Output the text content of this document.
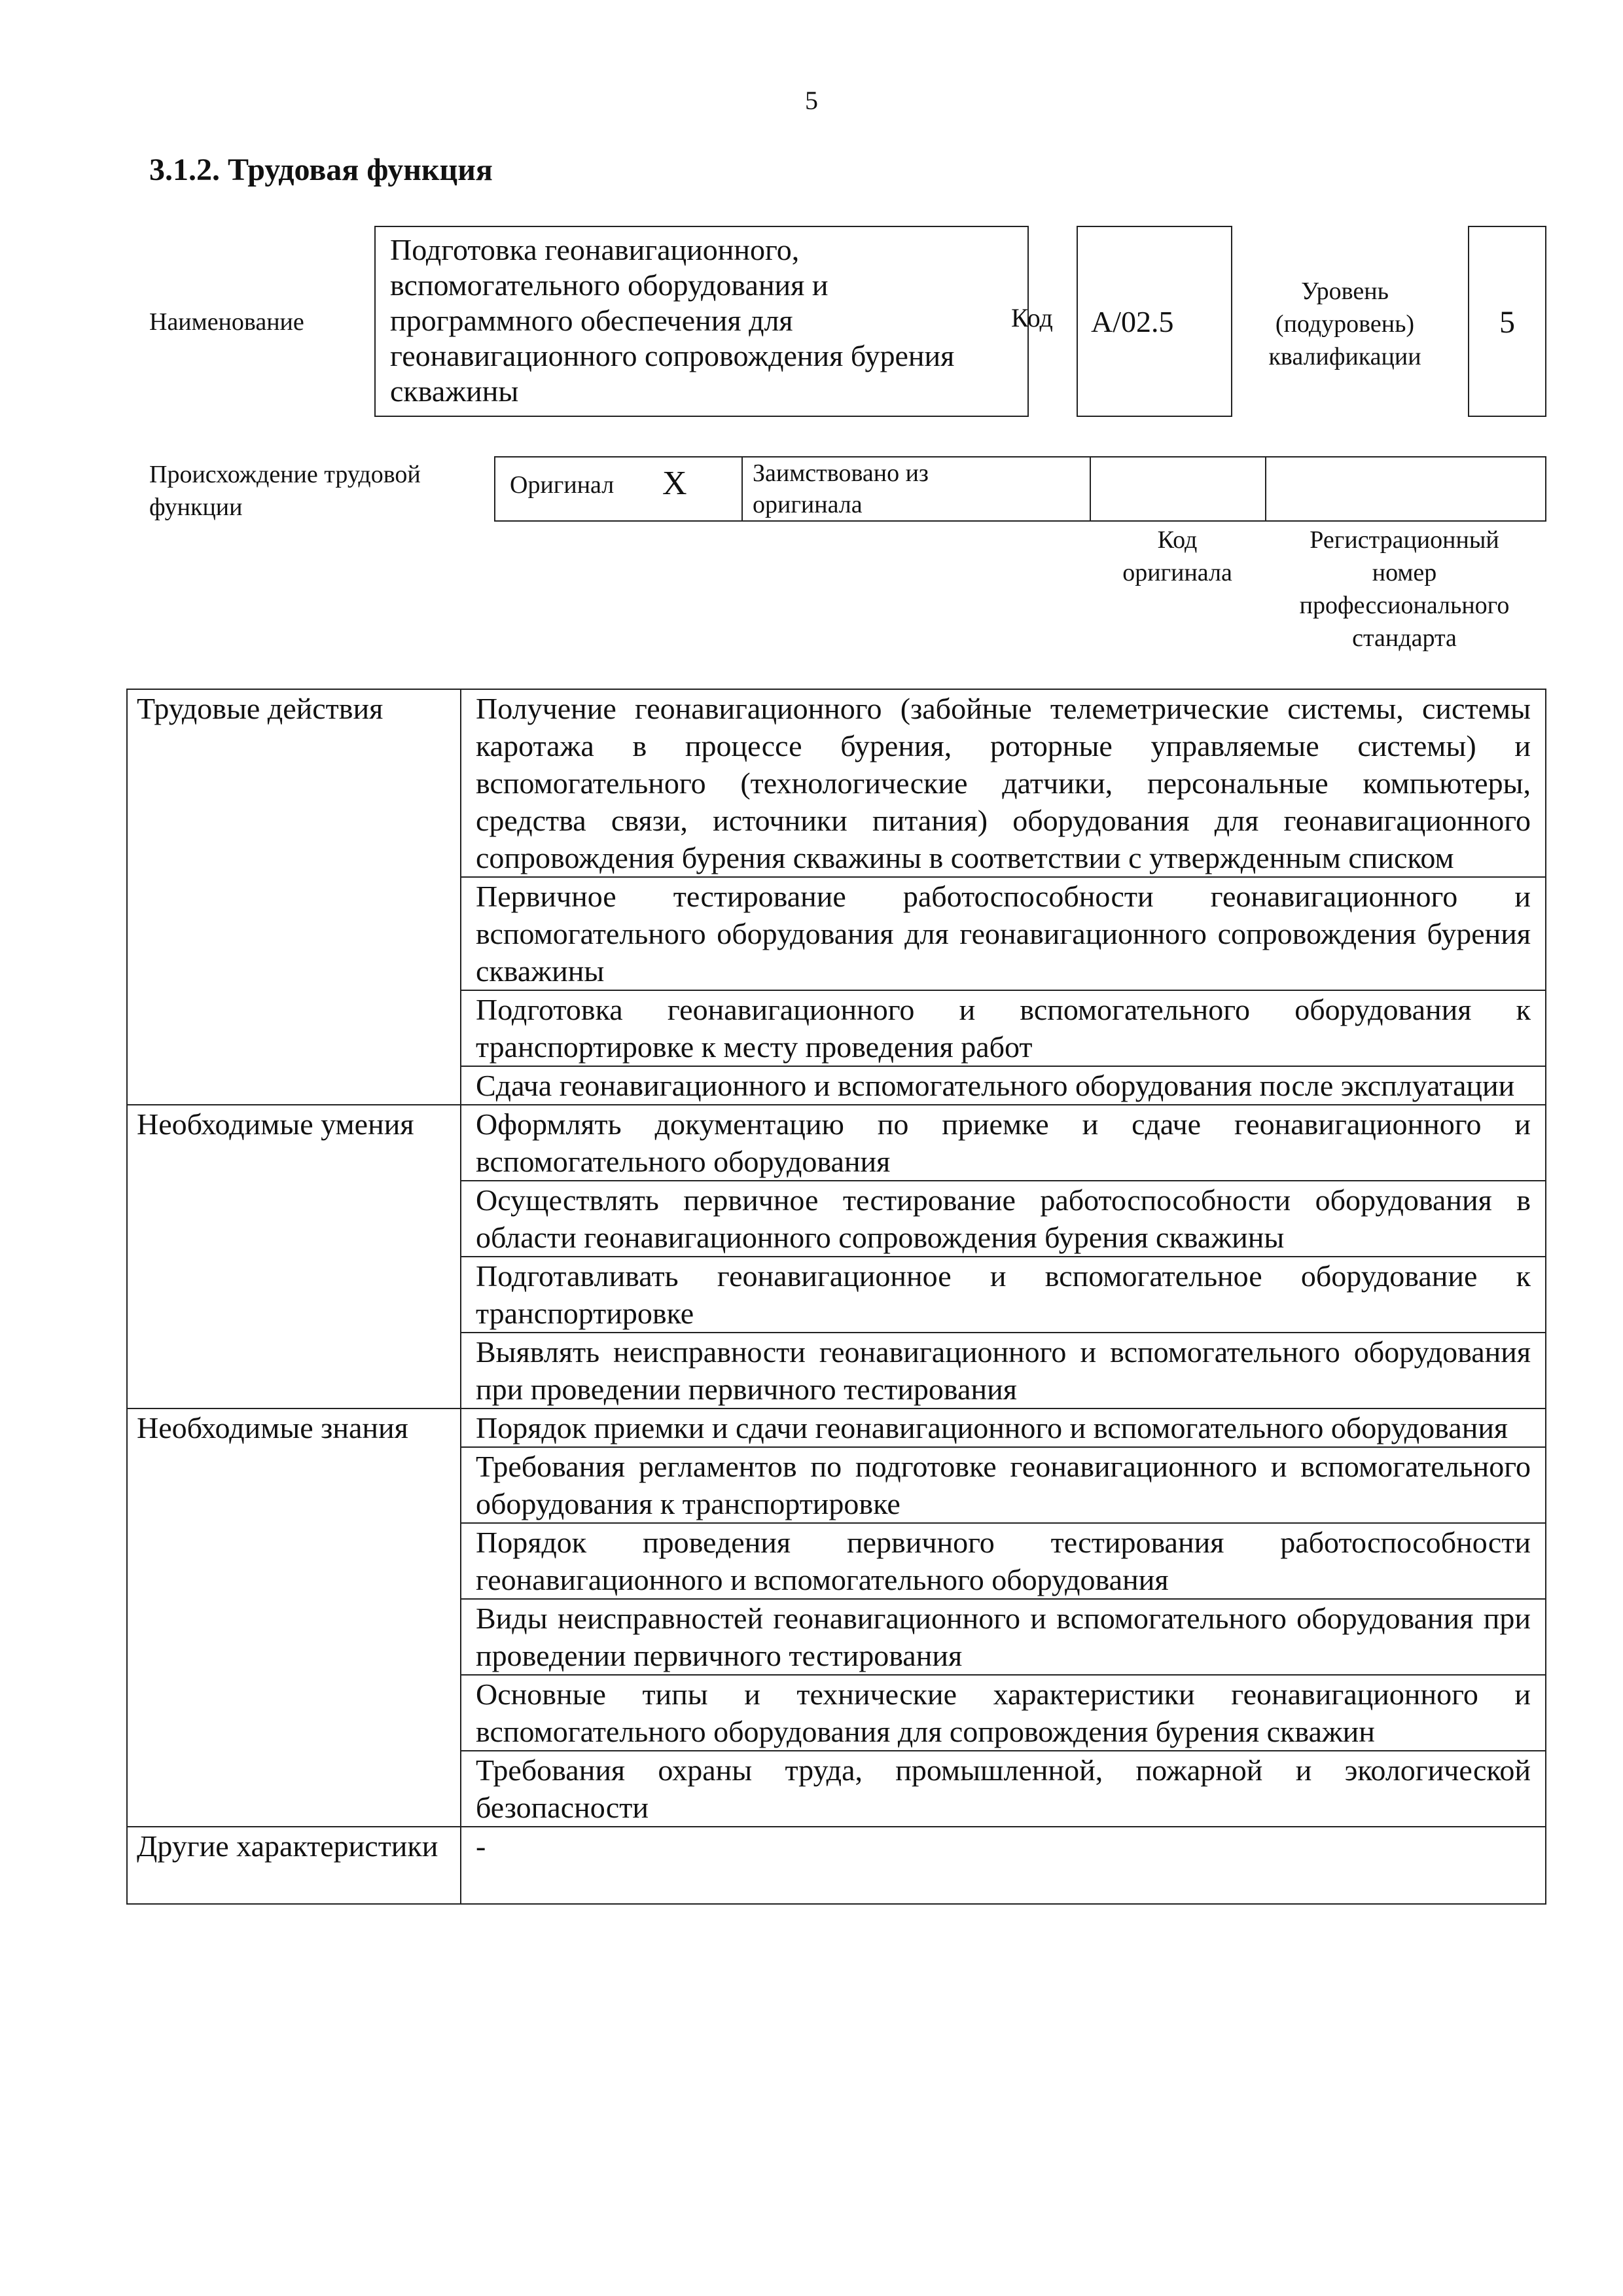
5
3.1.2. Трудовая функция
Наименование
Подготовка геонавигационного, вспомогательного оборудования и программного обеспечения для геонавигационного сопровождения бурения скважины
Код	A/02.5
Уровень
(подуровень)
квалификации
5
Происхождение трудовой
функции
Оригинал X	Заимствовано из
оригинала
Код
оригинала
Регистрационный
номер
профессионального
стандарта
Трудовые действия	Получение геонавигационного (забойные телеметрические системы, системы каротажа в процессе бурения, роторные управляемые системы) и вспомогательного (технологические датчики, персональные компьютеры, средства связи, источники питания) оборудования для геонавигационного сопровождения бурения скважины в соответствии с утвержденным списком
	Первичное тестирование работоспособности геонавигационного и вспомогательного оборудования для геонавигационного сопровождения бурения скважины
	Подготовка геонавигационного и вспомогательного оборудования к транспортировке к месту проведения работ
	Сдача геонавигационного и вспомогательного оборудования после эксплуатации
Необходимые умения	Оформлять документацию по приемке и сдаче геонавигационного и вспомогательного оборудования
	Осуществлять первичное тестирование работоспособности оборудования в области геонавигационного сопровождения бурения скважины
	Подготавливать геонавигационное и вспомогательное оборудование к транспортировке
	Выявлять неисправности геонавигационного и вспомогательного оборудования при проведении первичного тестирования
Необходимые знания	Порядок приемки и сдачи геонавигационного и вспомогательного оборудования
	Требования регламентов по подготовке геонавигационного и вспомогательного оборудования к транспортировке
	Порядок проведения первичного тестирования работоспособности геонавигационного и вспомогательного оборудования
	Виды неисправностей геонавигационного и вспомогательного оборудования при проведении первичного тестирования
	Основные типы и технические характеристики геонавигационного и вспомогательного оборудования для сопровождения бурения скважин
	Требования охраны труда, промышленной, пожарной и экологической безопасности
Другие характеристики	-
